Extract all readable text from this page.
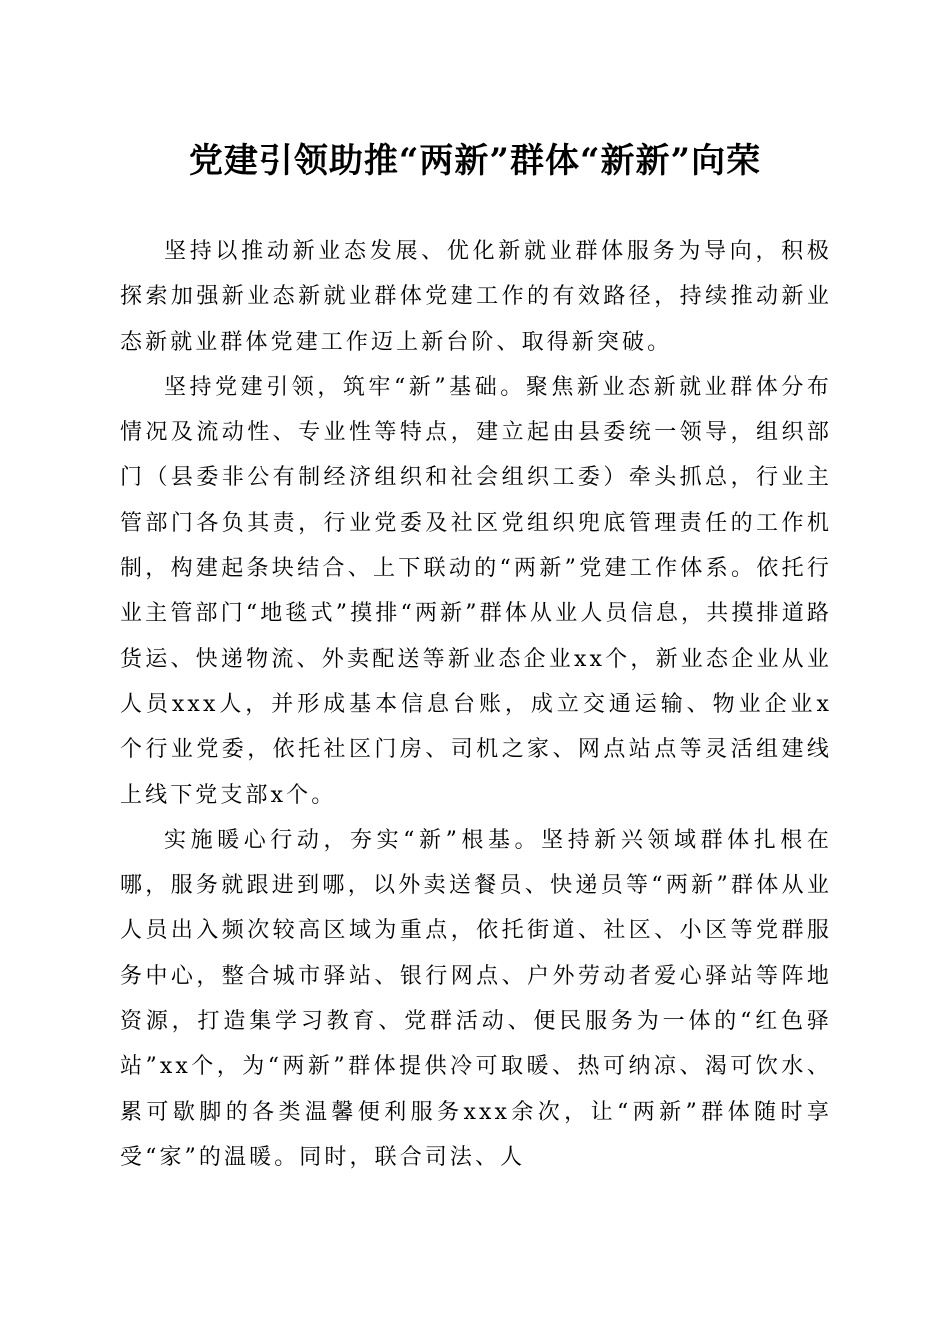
党建引领助推“两新”群体“新新”向荣

坚持以推动新业态发展、优化新就业群体服务为导向，积极探索加强新业态新就业群体党建工作的有效路径，持续推动新业态新就业群体党建工作迈上新台阶、取得新突破。

坚持党建引领，筑牢“新”基础。聚焦新业态新就业群体分布情况及流动性、专业性等特点，建立起由县委统一领导，组织部门（县委非公有制经济组织和社会组织工委）牵头抓总，行业主管部门各负其责，行业党委及社区党组织兜底管理责任的工作机制，构建起条块结合、上下联动的“两新”党建工作体系。依托行业主管部门“地毯式”摸排“两新”群体从业人员信息，共摸排道路货运、快递物流、外卖配送等新业态企业xx个，新业态企业从业人员xxx人，并形成基本信息台账，成立交通运输、物业企业x个行业党委，依托社区门房、司机之家、网点站点等灵活组建线上线下党支部x个。

实施暖心行动，夯实“新”根基。坚持新兴领域群体扎根在哪，服务就跟进到哪，以外卖送餐员、快递员等“两新”群体从业人员出入频次较高区域为重点，依托街道、社区、小区等党群服务中心，整合城市驿站、银行网点、户外劳动者爱心驿站等阵地资源，打造集学习教育、党群活动、便民服务为一体的“红色驿站”xx个，为“两新”群体提供冷可取暖、热可纳凉、渴可饮水、累可歇脚的各类温馨便利服务xxx余次，让“两新”群体随时享受“家”的温暖。同时，联合司法、人
